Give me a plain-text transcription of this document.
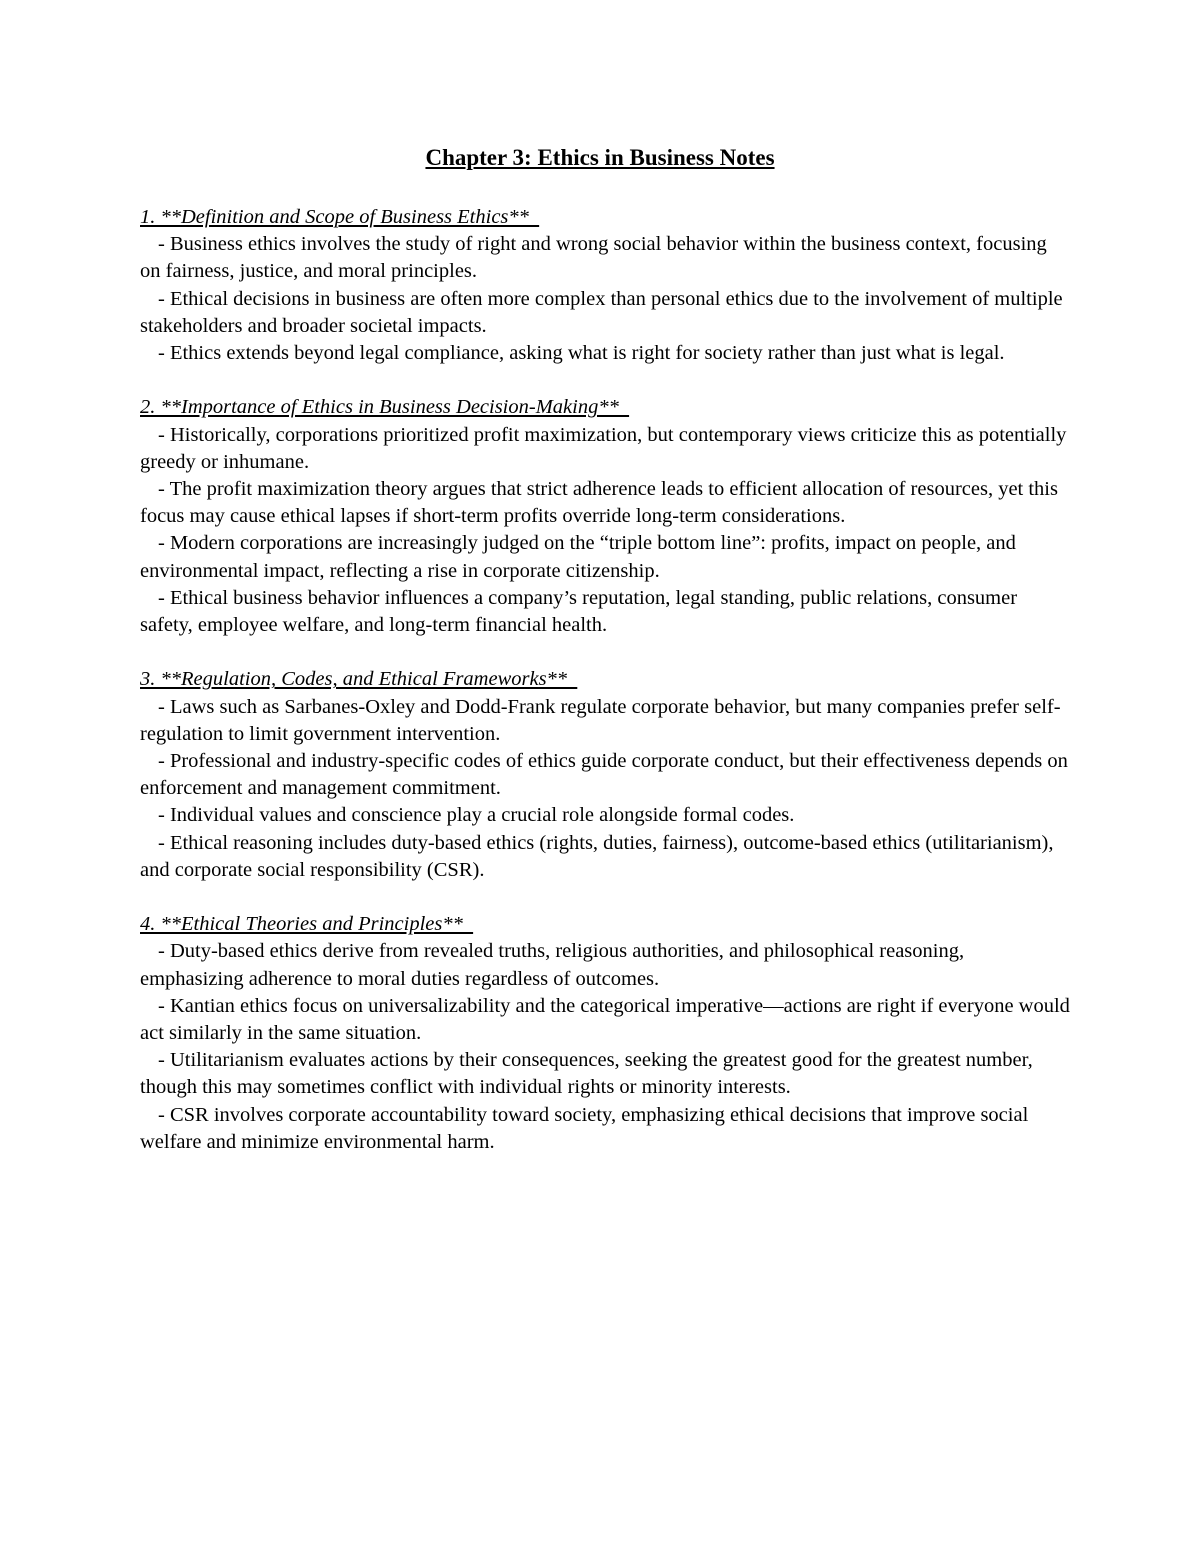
Chapter 3: Ethics in Business Notes
1. **Definition and Scope of Business Ethics**

- Business ethics involves the study of right and wrong social behavior within the business context, focusing on fairness, justice, and moral principles.

- Ethical decisions in business are often more complex than personal ethics due to the involvement of multiple stakeholders and broader societal impacts.

- Ethics extends beyond legal compliance, asking what is right for society rather than just what is legal.

2. **Importance of Ethics in Business Decision-Making**

- Historically, corporations prioritized profit maximization, but contemporary views criticize this as potentially greedy or inhumane.

- The profit maximization theory argues that strict adherence leads to efficient allocation of resources, yet this focus may cause ethical lapses if short-term profits override long-term considerations.

- Modern corporations are increasingly judged on the “triple bottom line”: profits, impact on people, and environmental impact, reflecting a rise in corporate citizenship.

- Ethical business behavior influences a company’s reputation, legal standing, public relations, consumer safety, employee welfare, and long-term financial health.

3. **Regulation, Codes, and Ethical Frameworks**

- Laws such as Sarbanes-Oxley and Dodd-Frank regulate corporate behavior, but many companies prefer self-regulation to limit government intervention.

- Professional and industry-specific codes of ethics guide corporate conduct, but their effectiveness depends on enforcement and management commitment.

- Individual values and conscience play a crucial role alongside formal codes.

- Ethical reasoning includes duty-based ethics (rights, duties, fairness), outcome-based ethics (utilitarianism), and corporate social responsibility (CSR).

4. **Ethical Theories and Principles**

- Duty-based ethics derive from revealed truths, religious authorities, and philosophical reasoning, emphasizing adherence to moral duties regardless of outcomes.

- Kantian ethics focus on universalizability and the categorical imperative—actions are right if everyone would act similarly in the same situation.

- Utilitarianism evaluates actions by their consequences, seeking the greatest good for the greatest number, though this may sometimes conflict with individual rights or minority interests.

- CSR involves corporate accountability toward society, emphasizing ethical decisions that improve social welfare and minimize environmental harm.
